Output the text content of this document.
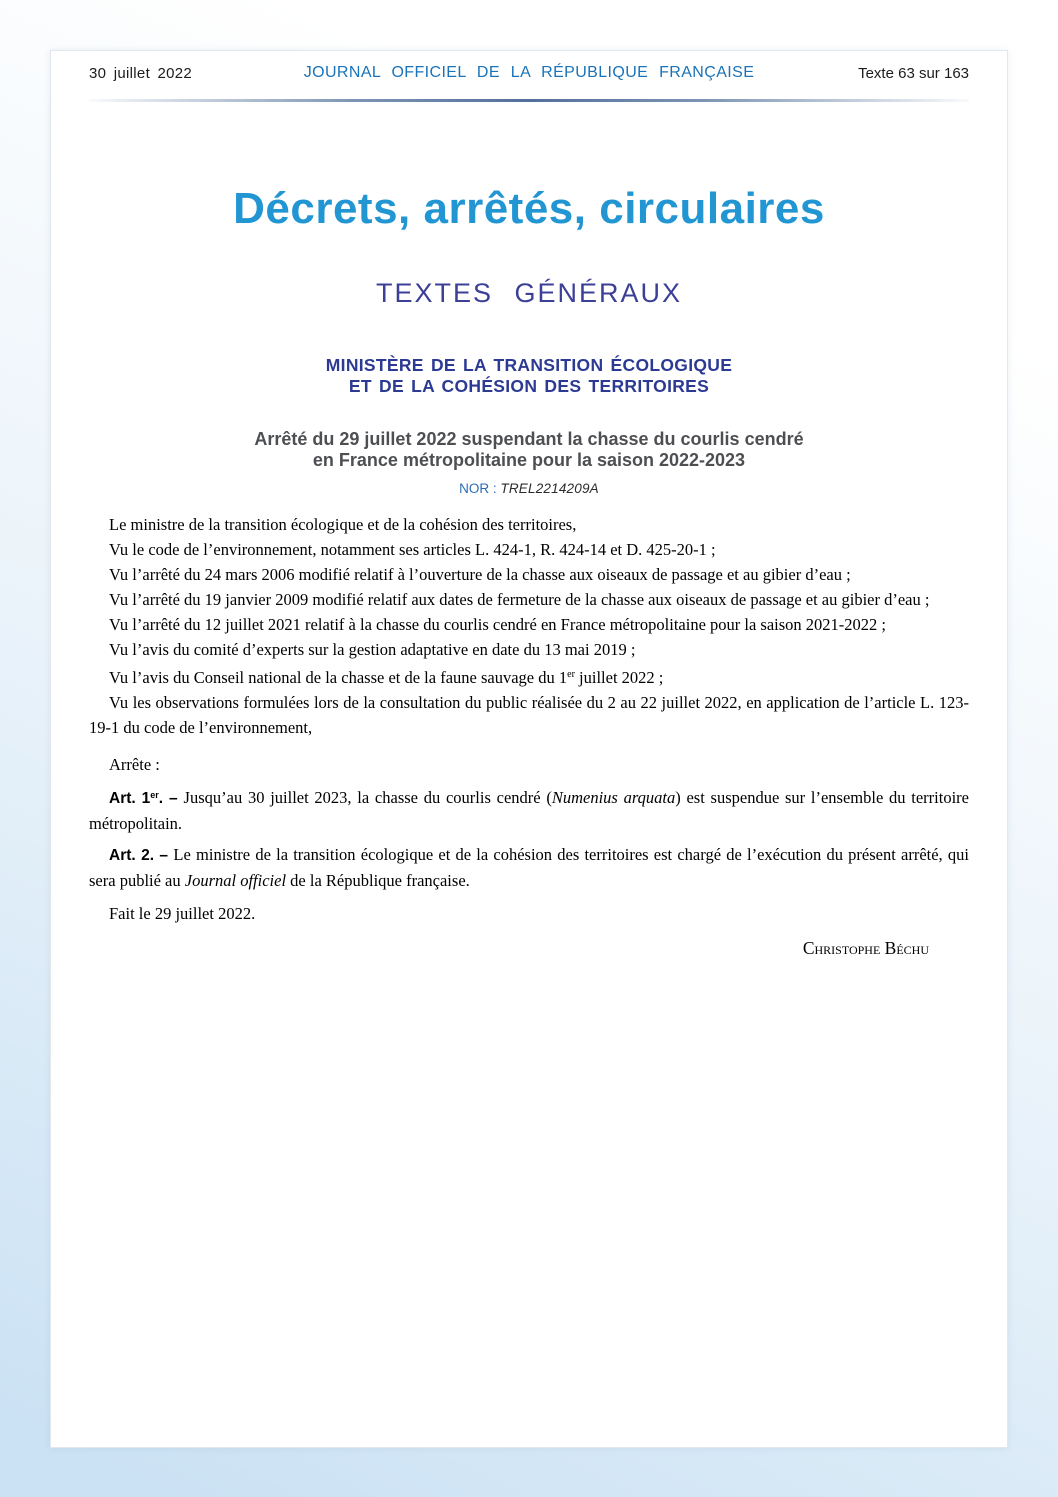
30 juillet 2022	JOURNAL OFFICIEL DE LA RÉPUBLIQUE FRANÇAISE	Texte 63 sur 163
Décrets, arrêtés, circulaires
TEXTES GÉNÉRAUX
MINISTÈRE DE LA TRANSITION ÉCOLOGIQUE
ET DE LA COHÉSION DES TERRITOIRES
Arrêté du 29 juillet 2022 suspendant la chasse du courlis cendré
en France métropolitaine pour la saison 2022-2023
NOR : TREL2214209A

Le ministre de la transition écologique et de la cohésion des territoires,

Vu le code de l’environnement, notamment ses articles L. 424-1, R. 424-14 et D. 425-20-1 ;

Vu l’arrêté du 24 mars 2006 modifié relatif à l’ouverture de la chasse aux oiseaux de passage et au gibier d’eau ;

Vu l’arrêté du 19 janvier 2009 modifié relatif aux dates de fermeture de la chasse aux oiseaux de passage et au gibier d’eau ;

Vu l’arrêté du 12 juillet 2021 relatif à la chasse du courlis cendré en France métropolitaine pour la saison 2021-2022 ;

Vu l’avis du comité d’experts sur la gestion adaptative en date du 13 mai 2019 ;

Vu l’avis du Conseil national de la chasse et de la faune sauvage du 1er juillet 2022 ;

Vu les observations formulées lors de la consultation du public réalisée du 2 au 22 juillet 2022, en application de l’article L. 123-19-1 du code de l’environnement,

Arrête :

Art. 1er. – Jusqu’au 30 juillet 2023, la chasse du courlis cendré (Numenius arquata) est suspendue sur l’ensemble du territoire métropolitain.

Art. 2. – Le ministre de la transition écologique et de la cohésion des territoires est chargé de l’exécution du présent arrêté, qui sera publié au Journal officiel de la République française.

Fait le 29 juillet 2022.

Christophe Béchu
